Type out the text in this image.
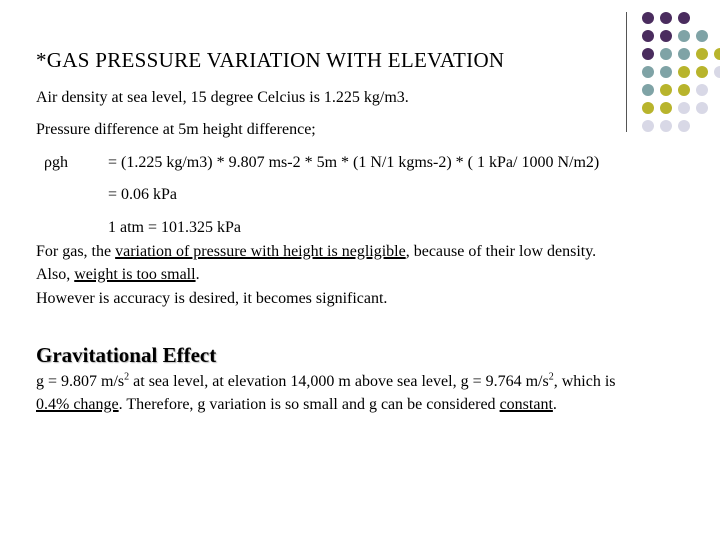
*GAS PRESSURE VARIATION WITH ELEVATION
Air density at sea level, 15 degree Celcius is 1.225 kg/m3.
Pressure difference at 5m height difference;
ρgh	= (1.225 kg/m3) * 9.807 ms-2 * 5m * (1 N/1 kgms-2) * ( 1 kPa/ 1000 N/m2)
= 0.06 kPa
1 atm = 101.325 kPa
For gas, the variation of pressure with height is negligible, because of their low density.
Also, weight is too small.
However is accuracy is desired, it becomes significant.
Gravitational Effect
g = 9.807 $m/s^2$ at sea level, at elevation 14,000 m above sea level, g = 9.764 $m/s^2$, which is
0.4% change. Therefore, g variation is so small and g can be considered constant.
